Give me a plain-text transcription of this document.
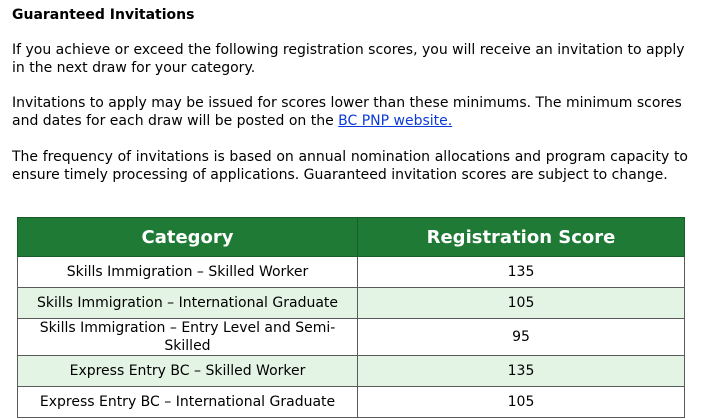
Guaranteed Invitations

If you achieve or exceed the following registration scores, you will receive an invitation to apply in the next draw for your category.

Invitations to apply may be issued for scores lower than these minimums. The minimum scores and dates for each draw will be posted on the BC PNP website.

The frequency of invitations is based on annual nomination allocations and program capacity to ensure timely processing of applications. Guaranteed invitation scores are subject to change.

Category	Registration Score
Skills Immigration – Skilled Worker	135
Skills Immigration – International Graduate	105
Skills Immigration – Entry Level and Semi-Skilled	95
Express Entry BC – Skilled Worker	135
Express Entry BC – International Graduate	105
